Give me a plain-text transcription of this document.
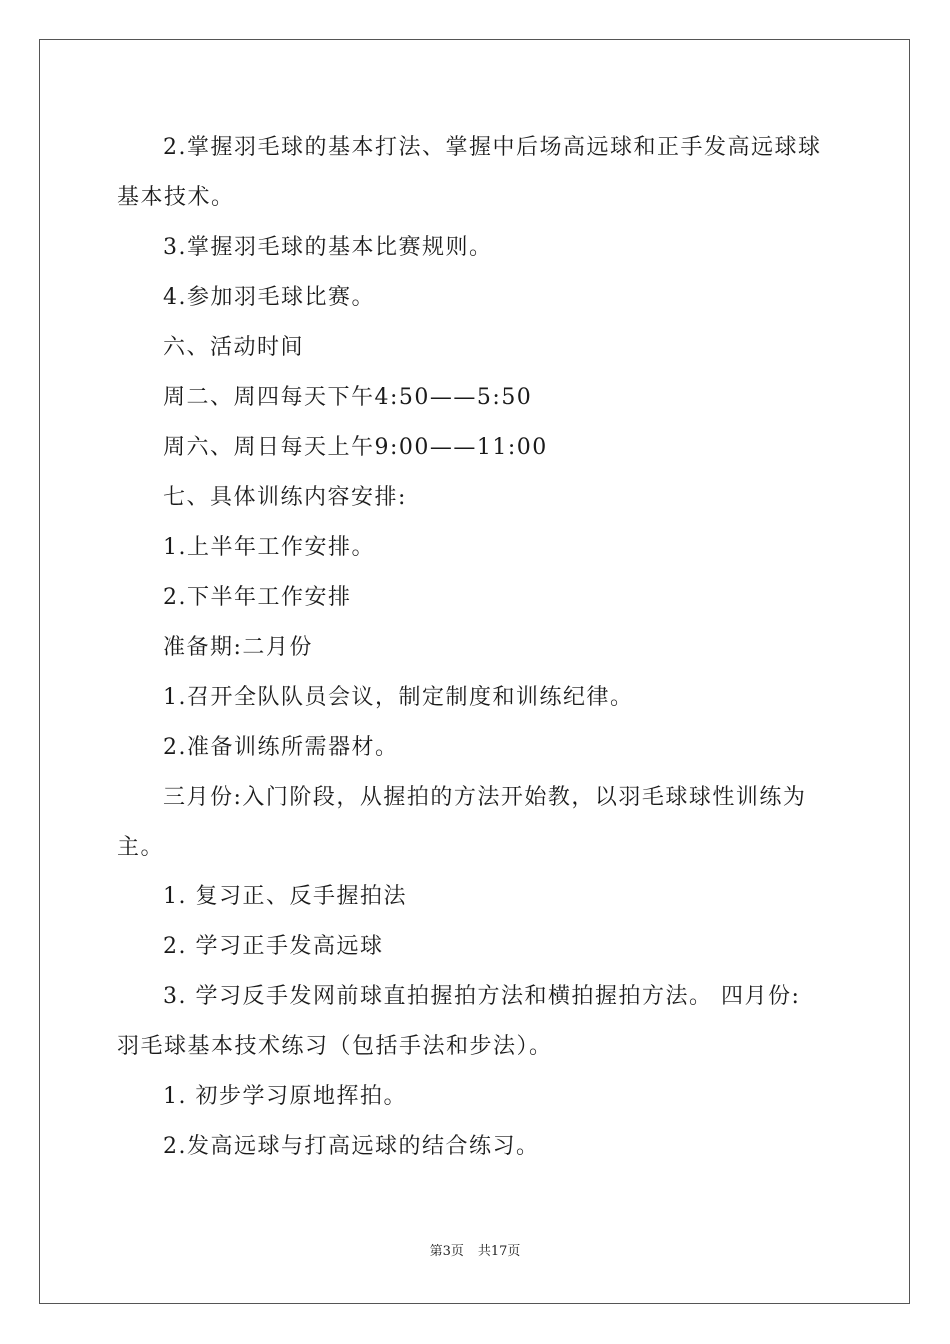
2.掌握羽毛球的基本打法、掌握中后场高远球和正手发高远球球
基本技术。
3.掌握羽毛球的基本比赛规则。
4.参加羽毛球比赛。
六、活动时间
周二、周四每天下午4:50——5:50
周六、周日每天上午9:00——11:00
七、具体训练内容安排:
1.上半年工作安排。
2.下半年工作安排
准备期:二月份
1.召开全队队员会议，制定制度和训练纪律。
2.准备训练所需器材。
三月份:入门阶段，从握拍的方法开始教，以羽毛球球性训练为
主。
1. 复习正、反手握拍法
2. 学习正手发高远球
3. 学习反手发网前球直拍握拍方法和横拍握拍方法。 四月份:
羽毛球基本技术练习（包括手法和步法）。
1. 初步学习原地挥拍。
2.发高远球与打高远球的结合练习。
第3页 共17页
